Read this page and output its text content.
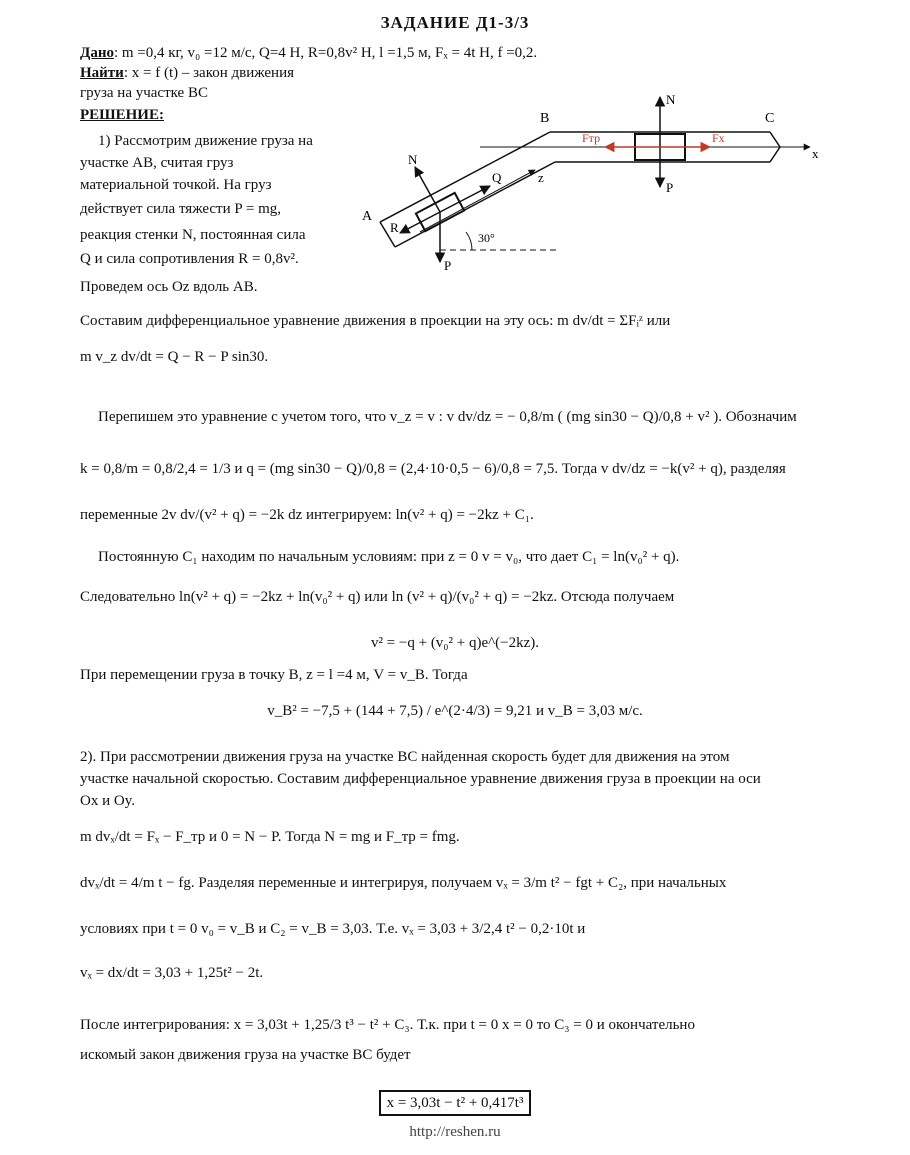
ЗАДАНИЕ Д1-3/3
Дано: m =0,4 кг, v₀ =12 м/с, Q=4 Н, R=0,8v² Н, l =1,5 м, Fₓ = 4t Н, f =0,2.
Найти: x = f (t) – закон движения
груза на участке BC
РЕШЕНИЕ:
1) Рассмотрим движение груза на
участке AB, считая груз
материальной точкой. На груз
действует сила тяжести P = mg,
реакция стенки N, постоянная сила
Q и сила сопротивления R = 0,8v².
Проведем ось Oz вдоль AB.
B	C
A
N
N
Q
R
P
P
Fтр	Fx
z
x
30°
Составим дифференциальное уравнение движения в проекции на эту ось: m dv/dt = ΣFᵢᶻ или
m v_z dv/dt = Q − R − P sin30.
Перепишем это уравнение с учетом того, что v_z = v : v dv/dz = − 0,8/m ( (mg sin30 − Q)/0,8 + v² ). Обозначим
k = 0,8/m = 0,8/2,4 = 1/3 и q = (mg sin30 − Q)/0,8 = (2,4·10·0,5 − 6)/0,8 = 7,5. Тогда v dv/dz = −k(v² + q), разделяя
переменные 2v dv/(v² + q) = −2k dz интегрируем: ln(v² + q) = −2kz + C₁.
Постоянную C₁ находим по начальным условиям: при z = 0 v = v₀, что дает C₁ = ln(v₀² + q).
Следовательно ln(v² + q) = −2kz + ln(v₀² + q) или ln (v² + q)/(v₀² + q) = −2kz. Отсюда получаем
v² = −q + (v₀² + q)e^(−2kz).
При перемещении груза в точку B, z = l =4 м, V = v_B. Тогда
v_B² = −7,5 + (144 + 7,5) / e^(2·4/3) = 9,21 и v_B = 3,03 м/с.
2). При рассмотрении движения груза на участке BC найденная скорость будет для движения на этом
участке начальной скоростью. Составим дифференциальное уравнение движения груза в проекции на оси
Ox и Oy.
m dvₓ/dt = Fₓ − F_тр и 0 = N − P. Тогда N = mg и F_тр = fmg.
dvₓ/dt = 4/m t − fg. Разделяя переменные и интегрируя, получаем vₓ = 3/m t² − fgt + C₂, при начальных
условиях при t = 0 v₀ = v_B и C₂ = v_B = 3,03. Т.е. vₓ = 3,03 + 3/2,4 t² − 0,2·10t и
vₓ = dx/dt = 3,03 + 1,25t² − 2t.
После интегрирования: x = 3,03t + 1,25/3 t³ − t² + C₃. Т.к. при t = 0 x = 0 то C₃ = 0 и окончательно
искомый закон движения груза на участке BC будет
x = 3,03t − t² + 0,417t³
http://reshen.ru
